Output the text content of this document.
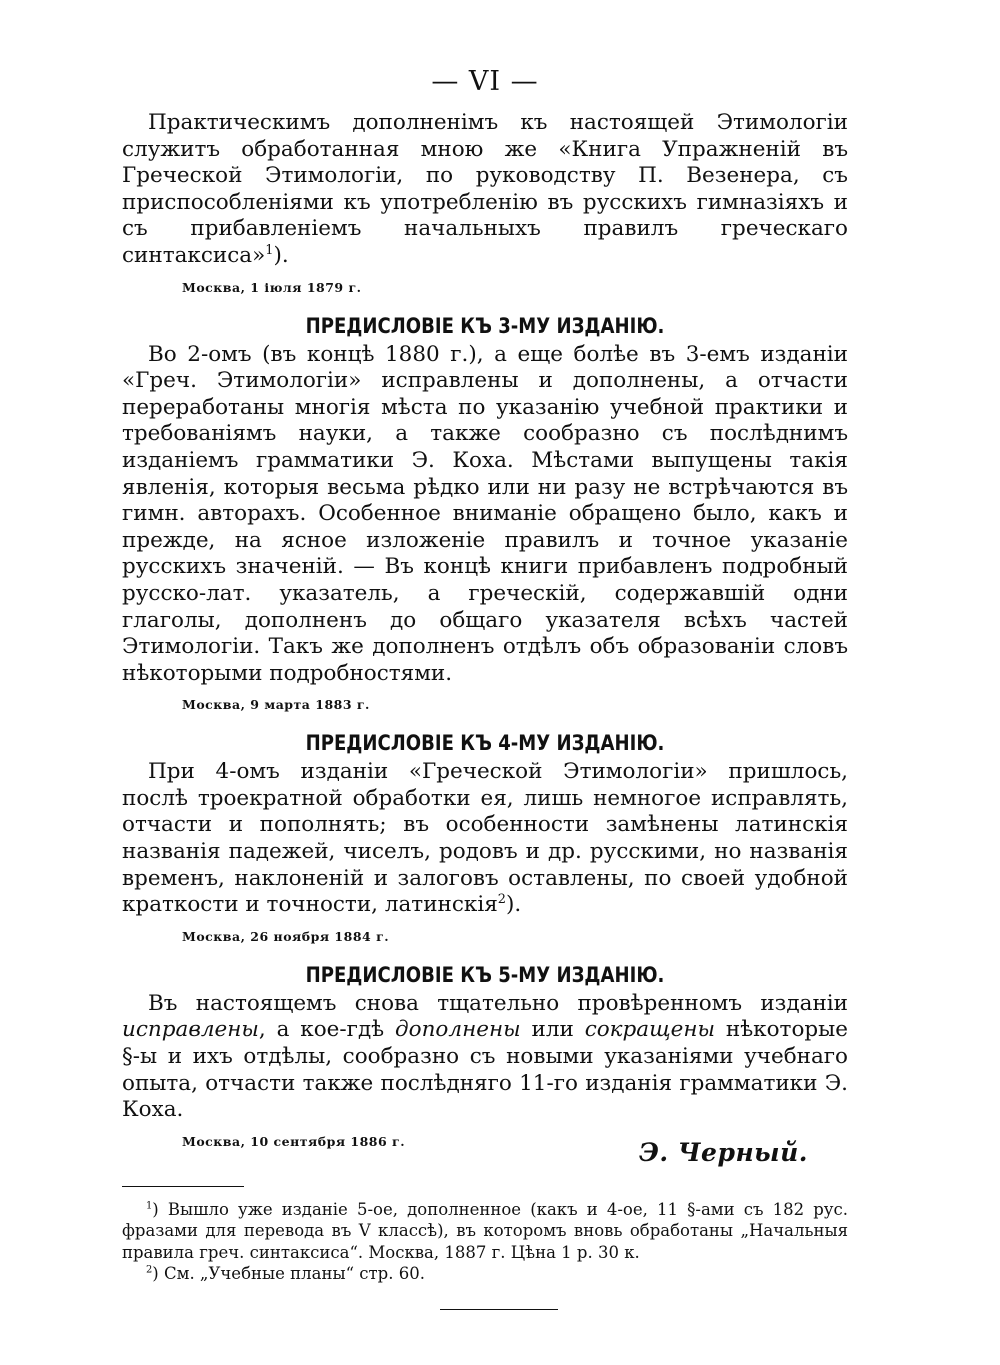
— VI —

Практическимъ дополненімъ къ настоящей Этимологіи служитъ обработанная мною же «Книга Упражненій въ Греческой Этимологіи, по руководству П. Везенера, съ приспособленіями къ употребленію въ русскихъ гимназіяхъ и съ прибавленіемъ начальныхъ правилъ греческаго синтаксиса»$^1$).

Москва, 1 іюля 1879 г.
ПРЕДИСЛОВІЕ КЪ 3-МУ ИЗДАНІЮ.

Во 2-омъ (въ концѣ 1880 г.), а еще болѣе въ 3-емъ изданіи «Греч. Этимологіи» исправлены и дополнены, а отчасти переработаны многія мѣста по указанію учебной практики и требованіямъ науки, а также сообразно съ послѣднимъ изданіемъ грамматики Э. Коха. Мѣстами выпущены такія явленія, которыя весьма рѣдко или ни разу не встрѣчаются въ гимн. авторахъ. Особенное вниманіе обращено было, какъ и прежде, на ясное изложеніе правилъ и точное указаніе русскихъ значеній. — Въ концѣ книги прибавленъ подробный русско-лат. указатель, а греческій, содержавшій одни глаголы, дополненъ до общаго указателя всѣхъ частей Этимологіи. Такъ же дополненъ отдѣлъ объ образованіи словъ нѣкоторыми подробностями.

Москва, 9 марта 1883 г.
ПРЕДИСЛОВІЕ КЪ 4-МУ ИЗДАНІЮ.

При 4-омъ изданіи «Греческой Этимологіи» пришлось, послѣ троекратной обработки ея, лишь немногое исправлять, отчасти и пополнять; въ особенности замѣнены латинскія названія падежей, чиселъ, родовъ и др. русскими, но названія временъ, наклоненій и залоговъ оставлены, по своей удобной краткости и точности, латинскія$^2$).

Москва, 26 ноября 1884 г.
ПРЕДИСЛОВІЕ КЪ 5-МУ ИЗДАНІЮ.

Въ настоящемъ снова тщательно провѣренномъ изданіи исправлены, а кое-гдѣ дополнены или сокращены нѣкоторые §-ы и ихъ отдѣлы, сообразно съ новыми указаніями учебнаго опыта, отчасти также послѣдняго 11-го изданія грамматики Э. Коха.

Москва, 10 сентября 1886 г.	Э. Черный.

$^1$) Вышло уже изданіе 5-ое, дополненное (какъ и 4-ое, 11 §-ами съ 182 рус. фразами для перевода въ V классѣ), въ которомъ вновь обработаны „Начальныя правила греч. синтаксиса“. Москва, 1887 г. Цѣна 1 р. 30 к.

$^2$) См. „Учебные планы“ стр. 60.
